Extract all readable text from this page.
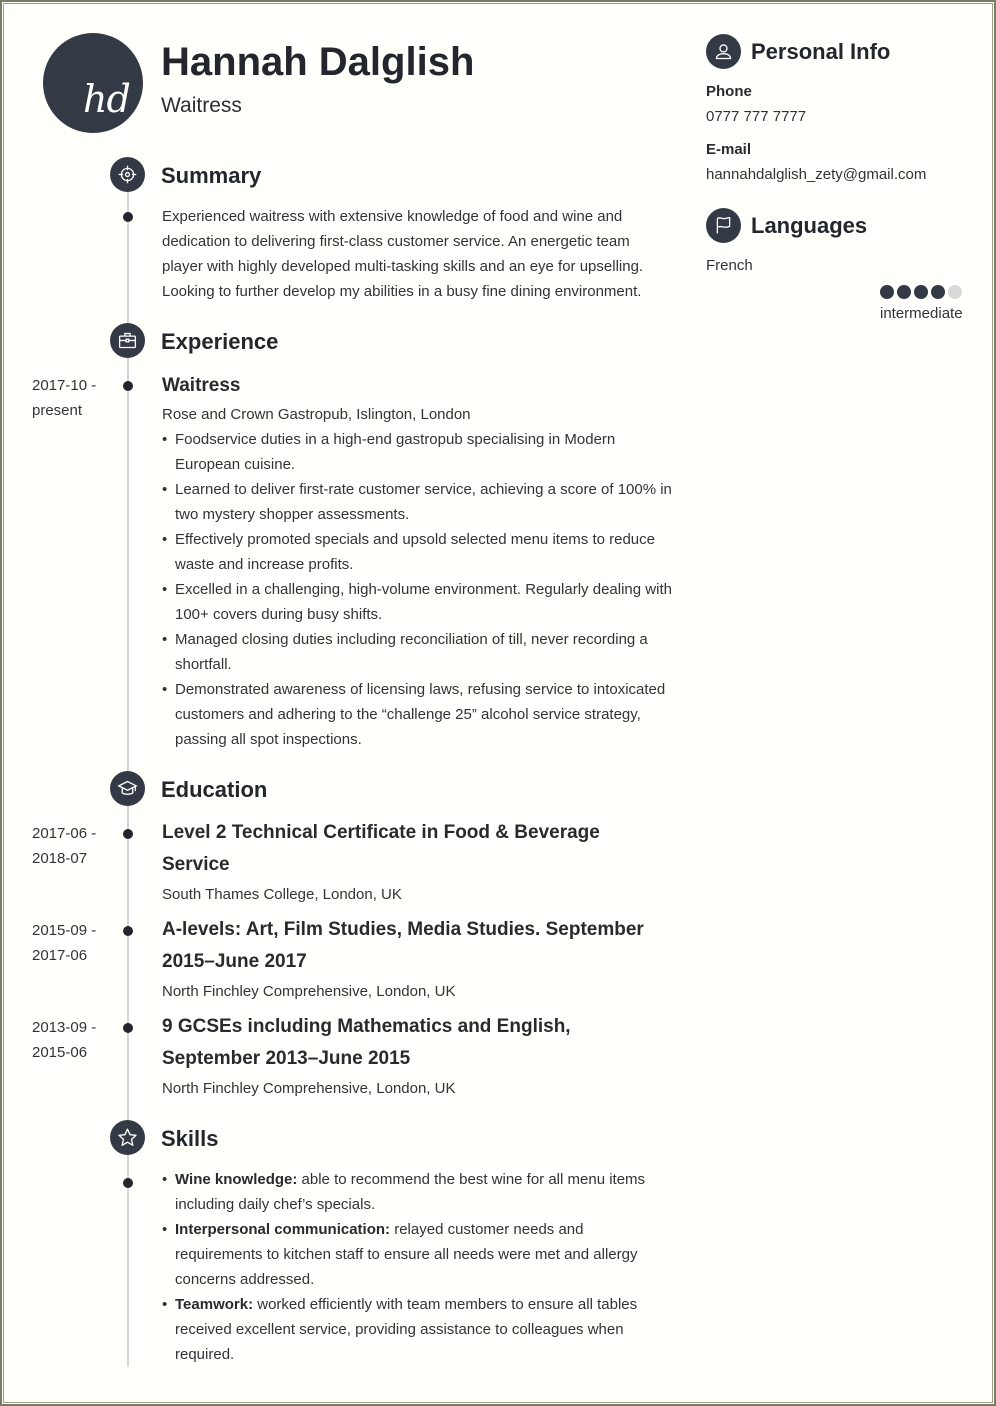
hd
Hannah Dalglish
Waitress
Summary
Experienced waitress with extensive knowledge of food and wine and dedication to delivering first-class customer service. An energetic team player with highly developed multi-tasking skills and an eye for upselling. Looking to further develop my abilities in a busy fine dining environment.
Experience
2017-10 -
present
Waitress
Rose and Crown Gastropub, Islington, London
• Foodservice duties in a high-end gastropub specialising in Modern European cuisine.
• Learned to deliver first-rate customer service, achieving a score of 100% in two mystery shopper assessments.
• Effectively promoted specials and upsold selected menu items to reduce waste and increase profits.
• Excelled in a challenging, high-volume environment. Regularly dealing with 100+ covers during busy shifts.
• Managed closing duties including reconciliation of till, never recording a shortfall.
• Demonstrated awareness of licensing laws, refusing service to intoxicated customers and adhering to the “challenge 25” alcohol service strategy, passing all spot inspections.
Education
2017-06 -
2018-07
Level 2 Technical Certificate in Food & Beverage Service
South Thames College, London, UK
2015-09 -
2017-06
A-levels: Art, Film Studies, Media Studies. September 2015–June 2017
North Finchley Comprehensive, London, UK
2013-09 -
2015-06
9 GCSEs including Mathematics and English, September 2013–June 2015
North Finchley Comprehensive, London, UK
Skills
• Wine knowledge: able to recommend the best wine for all menu items including daily chef’s specials.
• Interpersonal communication: relayed customer needs and requirements to kitchen staff to ensure all needs were met and allergy concerns addressed.
• Teamwork: worked efficiently with team members to ensure all tables received excellent service, providing assistance to colleagues when required.
Personal Info
Phone
0777 777 7777
E-mail
hannahdalglish_zety@gmail.com
Languages
French
intermediate
